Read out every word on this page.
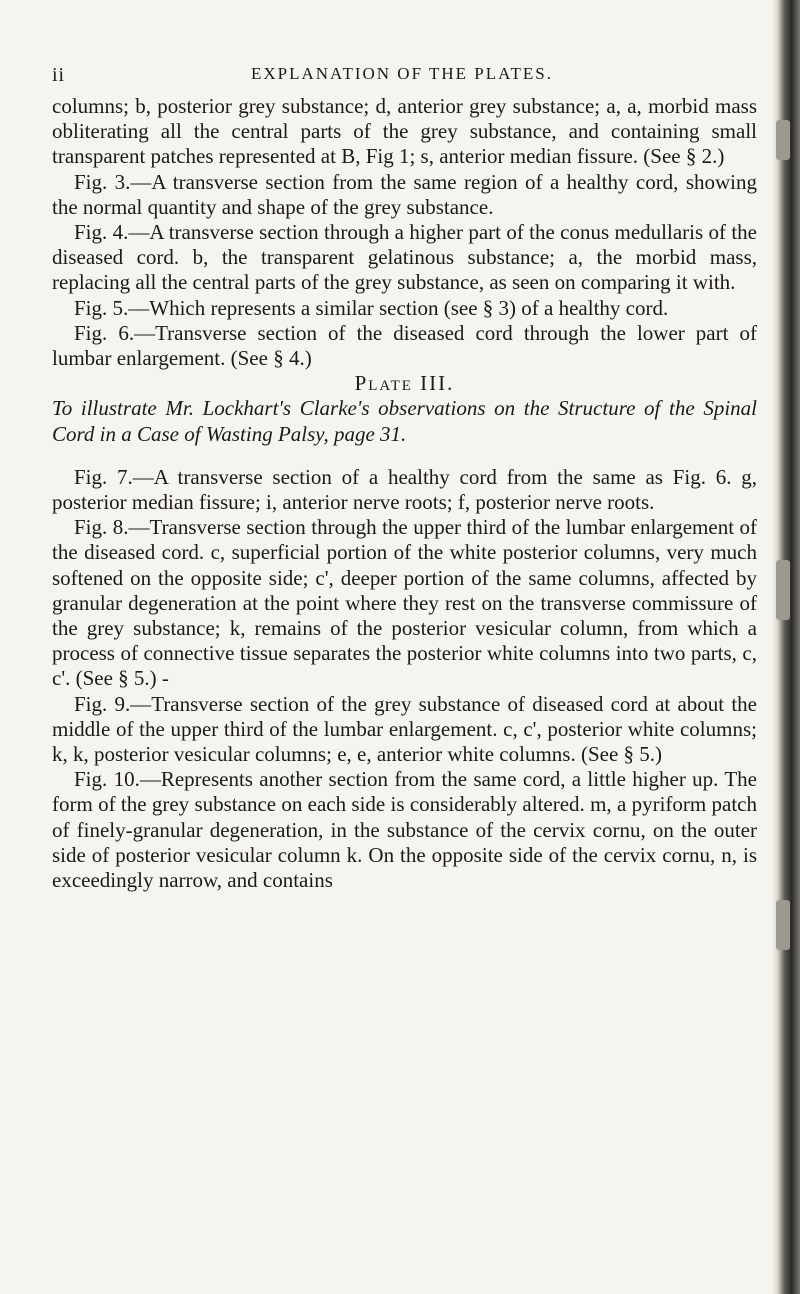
ii	EXPLANATION OF THE PLATES.

columns; b, posterior grey substance; d, anterior grey substance; a, a, morbid mass obliterating all the central parts of the grey substance, and containing small transparent patches represented at B, Fig 1; s, anterior median fissure. (See § 2.)

Fig. 3.—A transverse section from the same region of a healthy cord, showing the normal quantity and shape of the grey substance.

Fig. 4.—A transverse section through a higher part of the conus medullaris of the diseased cord. b, the transparent gelatinous substance; a, the morbid mass, replacing all the central parts of the grey substance, as seen on comparing it with.

Fig. 5.—Which represents a similar section (see § 3) of a healthy cord.

Fig. 6.—Transverse section of the diseased cord through the lower part of lumbar enlargement. (See § 4.)

Plate III.

To illustrate Mr. Lockhart's Clarke's observations on the Structure of the Spinal Cord in a Case of Wasting Palsy, page 31.

Fig. 7.—A transverse section of a healthy cord from the same as Fig. 6. g, posterior median fissure; i, anterior nerve roots; f, posterior nerve roots.

Fig. 8.—Transverse section through the upper third of the lumbar enlargement of the diseased cord. c, superficial portion of the white posterior columns, very much softened on the opposite side; c', deeper portion of the same columns, affected by granular degeneration at the point where they rest on the transverse commissure of the grey substance; k, remains of the posterior vesicular column, from which a process of connective tissue separates the posterior white columns into two parts, c, c'. (See § 5.) -

Fig. 9.—Transverse section of the grey substance of diseased cord at about the middle of the upper third of the lumbar enlargement. c, c', posterior white columns; k, k, posterior vesicular columns; e, e, anterior white columns. (See § 5.)

Fig. 10.—Represents another section from the same cord, a little higher up. The form of the grey substance on each side is considerably altered. m, a pyriform patch of finely-granular degeneration, in the substance of the cervix cornu, on the outer side of posterior vesicular column k. On the opposite side of the cervix cornu, n, is exceedingly narrow, and contains
